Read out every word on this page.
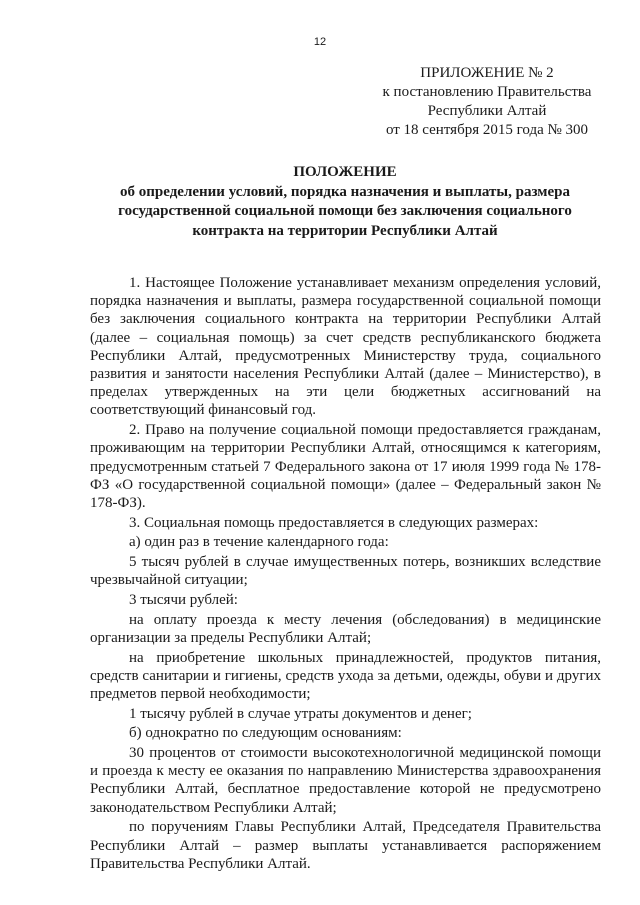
12
ПРИЛОЖЕНИЕ № 2
к постановлению Правительства
Республики Алтай
от 18 сентября 2015 года № 300
ПОЛОЖЕНИЕ
об определении условий, порядка назначения и выплаты, размера
государственной социальной помощи без заключения социального
контракта на территории Республики Алтай

1. Настоящее Положение устанавливает механизм определения условий, порядка назначения и выплаты, размера государственной социальной помощи без заключения социального контракта на территории Республики Алтай (далее – социальная помощь) за счет средств республиканского бюджета Республики Алтай, предусмотренных Министерству труда, социального развития и занятости населения Республики Алтай (далее – Министерство), в пределах утвержденных на эти цели бюджетных ассигнований на соответствующий финансовый год.

2. Право на получение социальной помощи предоставляется гражданам, проживающим на территории Республики Алтай, относящимся к категориям, предусмотренным статьей 7 Федерального закона от 17 июля 1999 года № 178-ФЗ «О государственной социальной помощи» (далее – Федеральный закон № 178-ФЗ).

3. Социальная помощь предоставляется в следующих размерах:

а) один раз в течение календарного года:

5 тысяч рублей в случае имущественных потерь, возникших вследствие чрезвычайной ситуации;

3 тысячи рублей:

на оплату проезда к месту лечения (обследования) в медицинские организации за пределы Республики Алтай;

на приобретение школьных принадлежностей, продуктов питания, средств санитарии и гигиены, средств ухода за детьми, одежды, обуви и других предметов первой необходимости;

1 тысячу рублей в случае утраты документов и денег;

б) однократно по следующим основаниям:

30 процентов от стоимости высокотехнологичной медицинской помощи и проезда к месту ее оказания по направлению Министерства здравоохранения Республики Алтай, бесплатное предоставление которой не предусмотрено законодательством Республики Алтай;

по поручениям Главы Республики Алтай, Председателя Правительства Республики Алтай – размер выплаты устанавливается распоряжением Правительства Республики Алтай.
